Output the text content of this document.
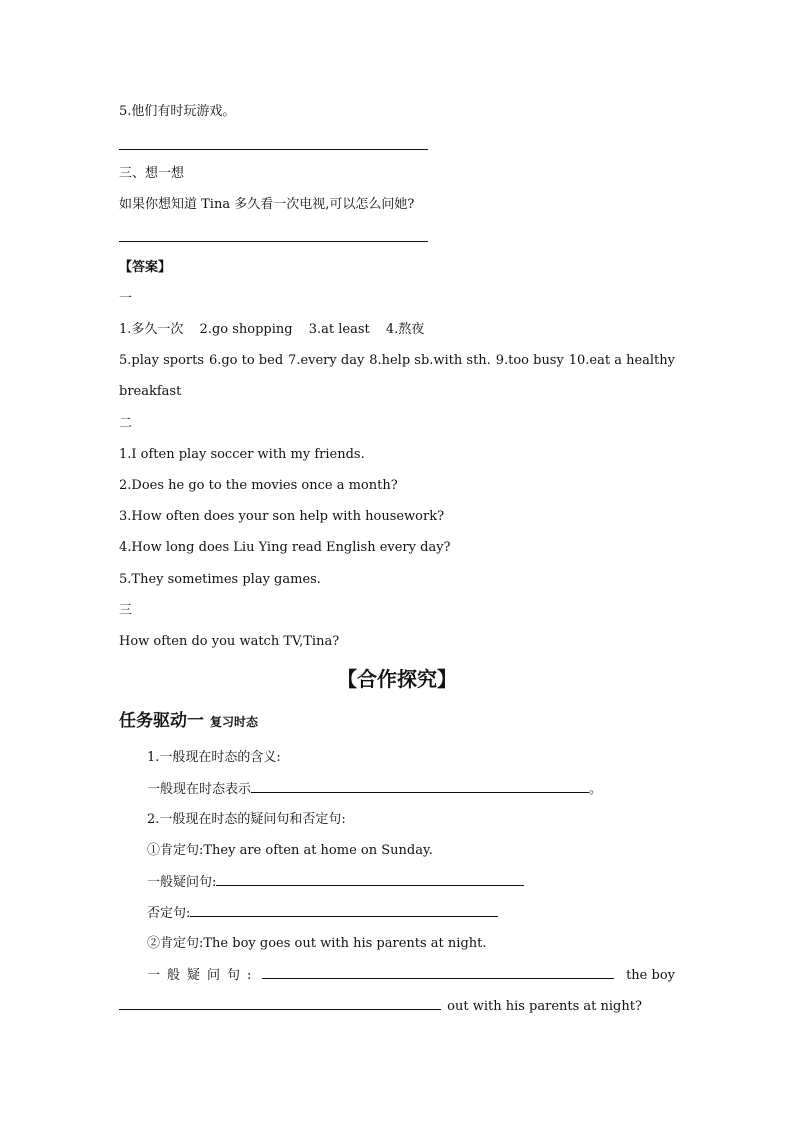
5.他们有时玩游戏。
三、想一想
如果你想知道 Tina 多久看一次电视,可以怎么问她?
【答案】
一
1.多久一次 2.go shopping 3.at least 4.熬夜
5.play sports 6.go to bed 7.every day 8.help sb.with sth. 9.too busy 10.eat a healthy
breakfast
二
1.I often play soccer with my friends.
2.Does he go to the movies once a month?
3.How often does your son help with housework?
4.How long does Liu Ying read English every day?
5.They sometimes play games.
三
How often do you watch TV,Tina?
【合作探究】
任务驱动一 复习时态
1.一般现在时态的含义:
一般现在时态表示	。
2.一般现在时态的疑问句和否定句:
①肯定句:They are often at home on Sunday.
一般疑问句:
否定句:
②肯定句:The boy goes out with his parents at night.
一般疑问句:	the boy
out with his parents at night?
